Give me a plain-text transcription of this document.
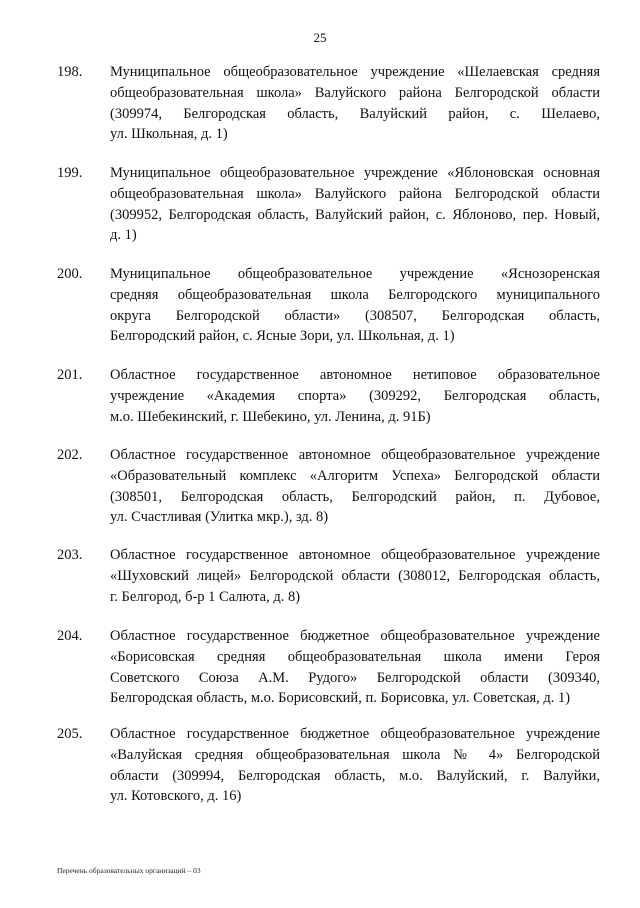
25
198. Муниципальное общеобразовательное учреждение «Шелаевская средняя
общеобразовательная школа» Валуйского района Белгородской области
(309974, Белгородская область, Валуйский район, с. Шелаево,
ул. Школьная, д. 1)
199. Муниципальное общеобразовательное учреждение «Яблоновская основная
общеобразовательная школа» Валуйского района Белгородской области
(309952, Белгородская область, Валуйский район, с. Яблоново, пер. Новый,
д. 1)
200. Муниципальное общеобразовательное учреждение «Яснозоренская
средняя общеобразовательная школа Белгородского муниципального
округа Белгородской области» (308507, Белгородская область,
Белгородский район, с. Ясные Зори, ул. Школьная, д. 1)
201. Областное государственное автономное нетиповое образовательное
учреждение «Академия спорта» (309292, Белгородская область,
м.о. Шебекинский, г. Шебекино, ул. Ленина, д. 91Б)
202. Областное государственное автономное общеобразовательное учреждение
«Образовательный комплекс «Алгоритм Успеха» Белгородской области
(308501, Белгородская область, Белгородский район, п. Дубовое,
ул. Счастливая (Улитка мкр.), зд. 8)
203. Областное государственное автономное общеобразовательное учреждение
«Шуховский лицей» Белгородской области (308012, Белгородская область,
г. Белгород, б-р 1 Салюта, д. 8)
204. Областное государственное бюджетное общеобразовательное учреждение
«Борисовская средняя общеобразовательная школа имени Героя
Советского Союза А.М. Рудого» Белгородской области (309340,
Белгородская область, м.о. Борисовский, п. Борисовка, ул. Советская, д. 1)
205. Областное государственное бюджетное общеобразовательное учреждение
«Валуйская средняя общеобразовательная школа № 4» Белгородской
области (309994, Белгородская область, м.о. Валуйский, г. Валуйки,
ул. Котовского, д. 16)
Перечень образовательных организаций – 03
